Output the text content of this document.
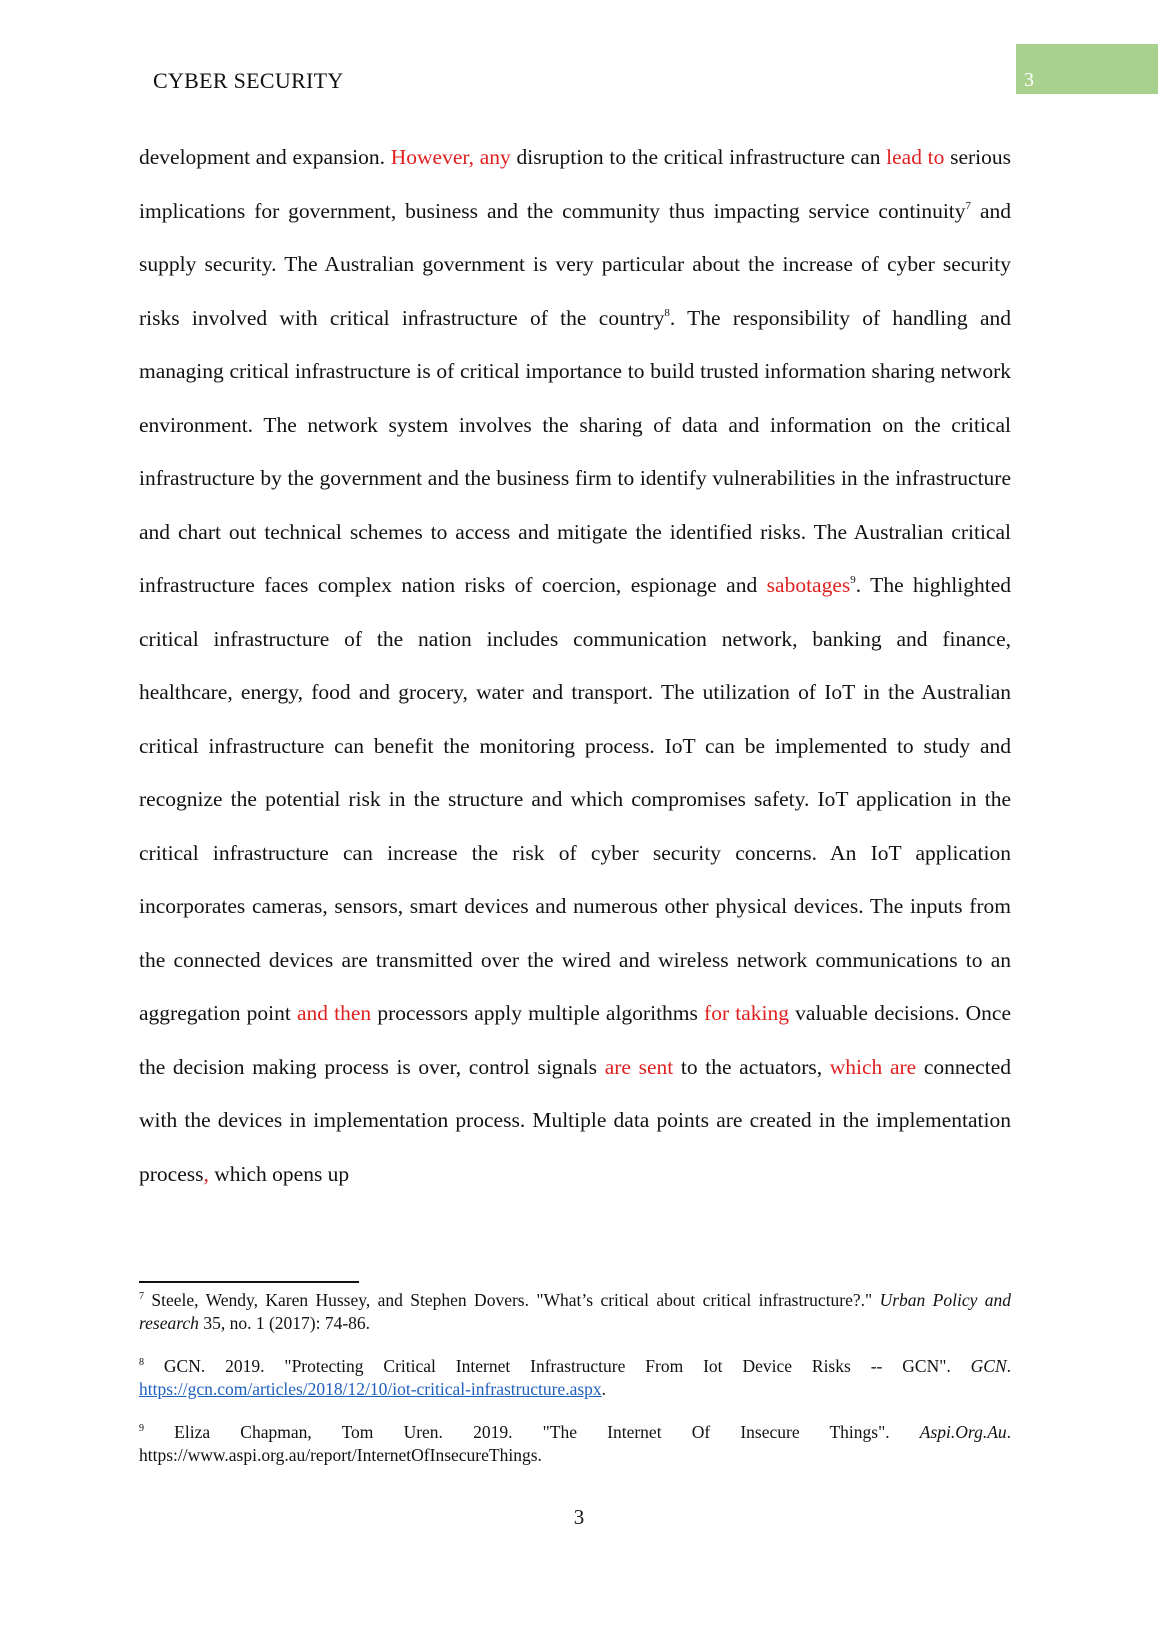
CYBER SECURITY	3

development and expansion. However, any disruption to the critical infrastructure can lead to serious implications for government, business and the community thus impacting service continuity$^7$ and supply security. The Australian government is very particular about the increase of cyber security risks involved with critical infrastructure of the country$^8$. The responsibility of handling and managing critical infrastructure is of critical importance to build trusted information sharing network environment. The network system involves the sharing of data and information on the critical infrastructure by the government and the business firm to identify vulnerabilities in the infrastructure and chart out technical schemes to access and mitigate the identified risks. The Australian critical infrastructure faces complex nation risks of coercion, espionage and sabotages$^9$. The highlighted critical infrastructure of the nation includes communication network, banking and finance, healthcare, energy, food and grocery, water and transport. The utilization of IoT in the Australian critical infrastructure can benefit the monitoring process. IoT can be implemented to study and recognize the potential risk in the structure and which compromises safety. IoT application in the critical infrastructure can increase the risk of cyber security concerns. An IoT application incorporates cameras, sensors, smart devices and numerous other physical devices. The inputs from the connected devices are transmitted over the wired and wireless network communications to an aggregation point and then processors apply multiple algorithms for taking valuable decisions. Once the decision making process is over, control signals are sent to the actuators, which are connected with the devices in implementation process. Multiple data points are created in the implementation process, which opens up

$^7$ Steele, Wendy, Karen Hussey, and Stephen Dovers. "What’s critical about critical infrastructure?." Urban Policy and research 35, no. 1 (2017): 74-86.

$^8$ GCN. 2019. "Protecting Critical Internet Infrastructure From Iot Device Risks -- GCN". GCN. https://gcn.com/articles/2018/12/10/iot-critical-infrastructure.aspx.

$^9$ Eliza Chapman, Tom Uren. 2019. "The Internet Of Insecure Things". Aspi.Org.Au. https://www.aspi.org.au/report/InternetOfInsecureThings.

3
